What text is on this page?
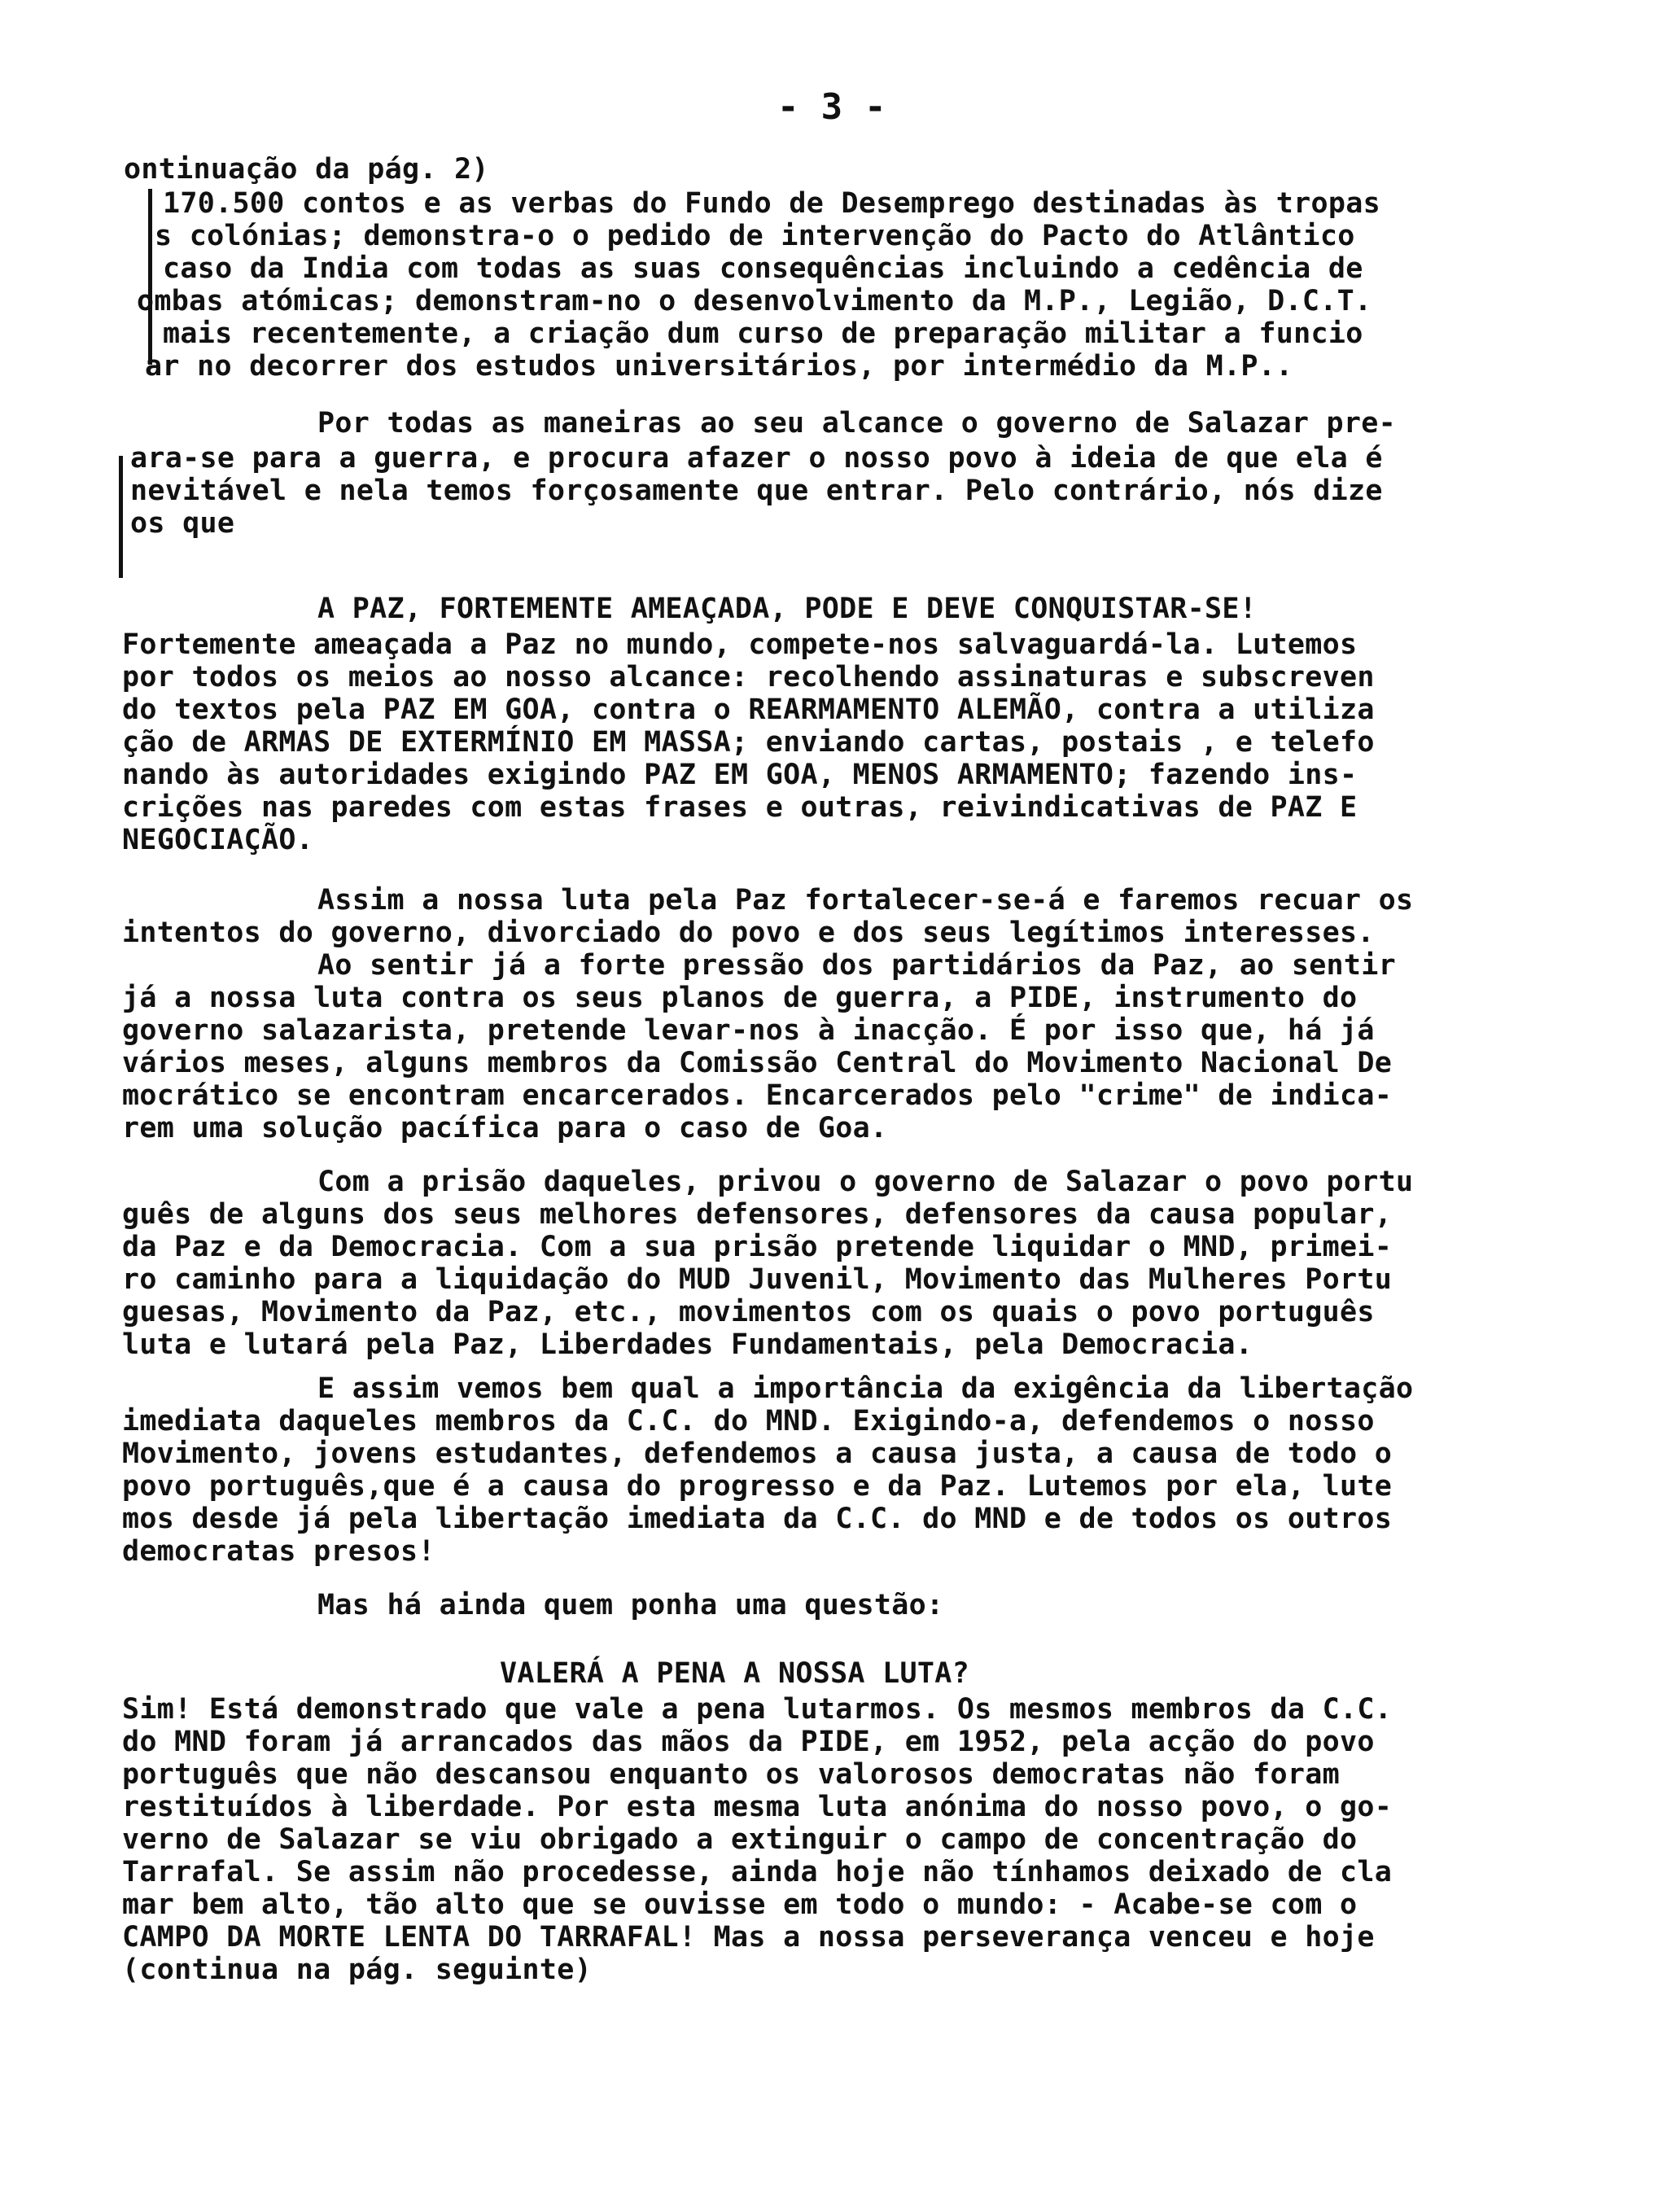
- 3 -
ontinuação da pág. 2)
170.500 contos e as verbas do Fundo de Desemprego destinadas às tropas
s colónias; demonstra-o o pedido de intervenção do Pacto do Atlântico
caso da India com todas as suas consequências incluindo a cedência de
ombas atómicas; demonstram-no o desenvolvimento da M.P., Legião, D.C.T.
mais recentemente, a criação dum curso de preparação militar a funcio
ar no decorrer dos estudos universitários, por intermédio da M.P..
Por todas as maneiras ao seu alcance o governo de Salazar pre-
ara-se para a guerra, e procura afazer o nosso povo à ideia de que ela é
nevitável e nela temos forçosamente que entrar. Pelo contrário, nós dize
os que
A PAZ, FORTEMENTE AMEAÇADA, PODE E DEVE CONQUISTAR-SE!
Fortemente ameaçada a Paz no mundo, compete-nos salvaguardá-la. Lutemos
por todos os meios ao nosso alcance: recolhendo assinaturas e subscreven
do textos pela PAZ EM GOA, contra o REARMAMENTO ALEMÃO, contra a utiliza
ção de ARMAS DE EXTERMÍNIO EM MASSA; enviando cartas, postais , e telefo
nando às autoridades exigindo PAZ EM GOA, MENOS ARMAMENTO; fazendo ins-
crições nas paredes com estas frases e outras, reivindicativas de PAZ E
NEGOCIAÇÃO.
Assim a nossa luta pela Paz fortalecer-se-á e faremos recuar os
intentos do governo, divorciado do povo e dos seus legítimos interesses.
Ao sentir já a forte pressão dos partidários da Paz, ao sentir
já a nossa luta contra os seus planos de guerra, a PIDE, instrumento do
governo salazarista, pretende levar-nos à inacção. É por isso que, há já
vários meses, alguns membros da Comissão Central do Movimento Nacional De
mocrático se encontram encarcerados. Encarcerados pelo "crime" de indica-
rem uma solução pacífica para o caso de Goa.
Com a prisão daqueles, privou o governo de Salazar o povo portu
guês de alguns dos seus melhores defensores, defensores da causa popular,
da Paz e da Democracia. Com a sua prisão pretende liquidar o MND, primei-
ro caminho para a liquidação do MUD Juvenil, Movimento das Mulheres Portu
guesas, Movimento da Paz, etc., movimentos com os quais o povo português
luta e lutará pela Paz, Liberdades Fundamentais, pela Democracia.
E assim vemos bem qual a importância da exigência da libertação
imediata daqueles membros da C.C. do MND. Exigindo-a, defendemos o nosso
Movimento, jovens estudantes, defendemos a causa justa, a causa de todo o
povo português,que é a causa do progresso e da Paz. Lutemos por ela, lute
mos desde já pela libertação imediata da C.C. do MND e de todos os outros
democratas presos!
Mas há ainda quem ponha uma questão:
VALERÁ A PENA A NOSSA LUTA?
Sim! Está demonstrado que vale a pena lutarmos. Os mesmos membros da C.C.
do MND foram já arrancados das mãos da PIDE, em 1952, pela acção do povo
português que não descansou enquanto os valorosos democratas não foram
restituídos à liberdade. Por esta mesma luta anónima do nosso povo, o go-
verno de Salazar se viu obrigado a extinguir o campo de concentração do
Tarrafal. Se assim não procedesse, ainda hoje não tínhamos deixado de cla
mar bem alto, tão alto que se ouvisse em todo o mundo: - Acabe-se com o
CAMPO DA MORTE LENTA DO TARRAFAL! Mas a nossa perseverança venceu e hoje
(continua na pág. seguinte)
